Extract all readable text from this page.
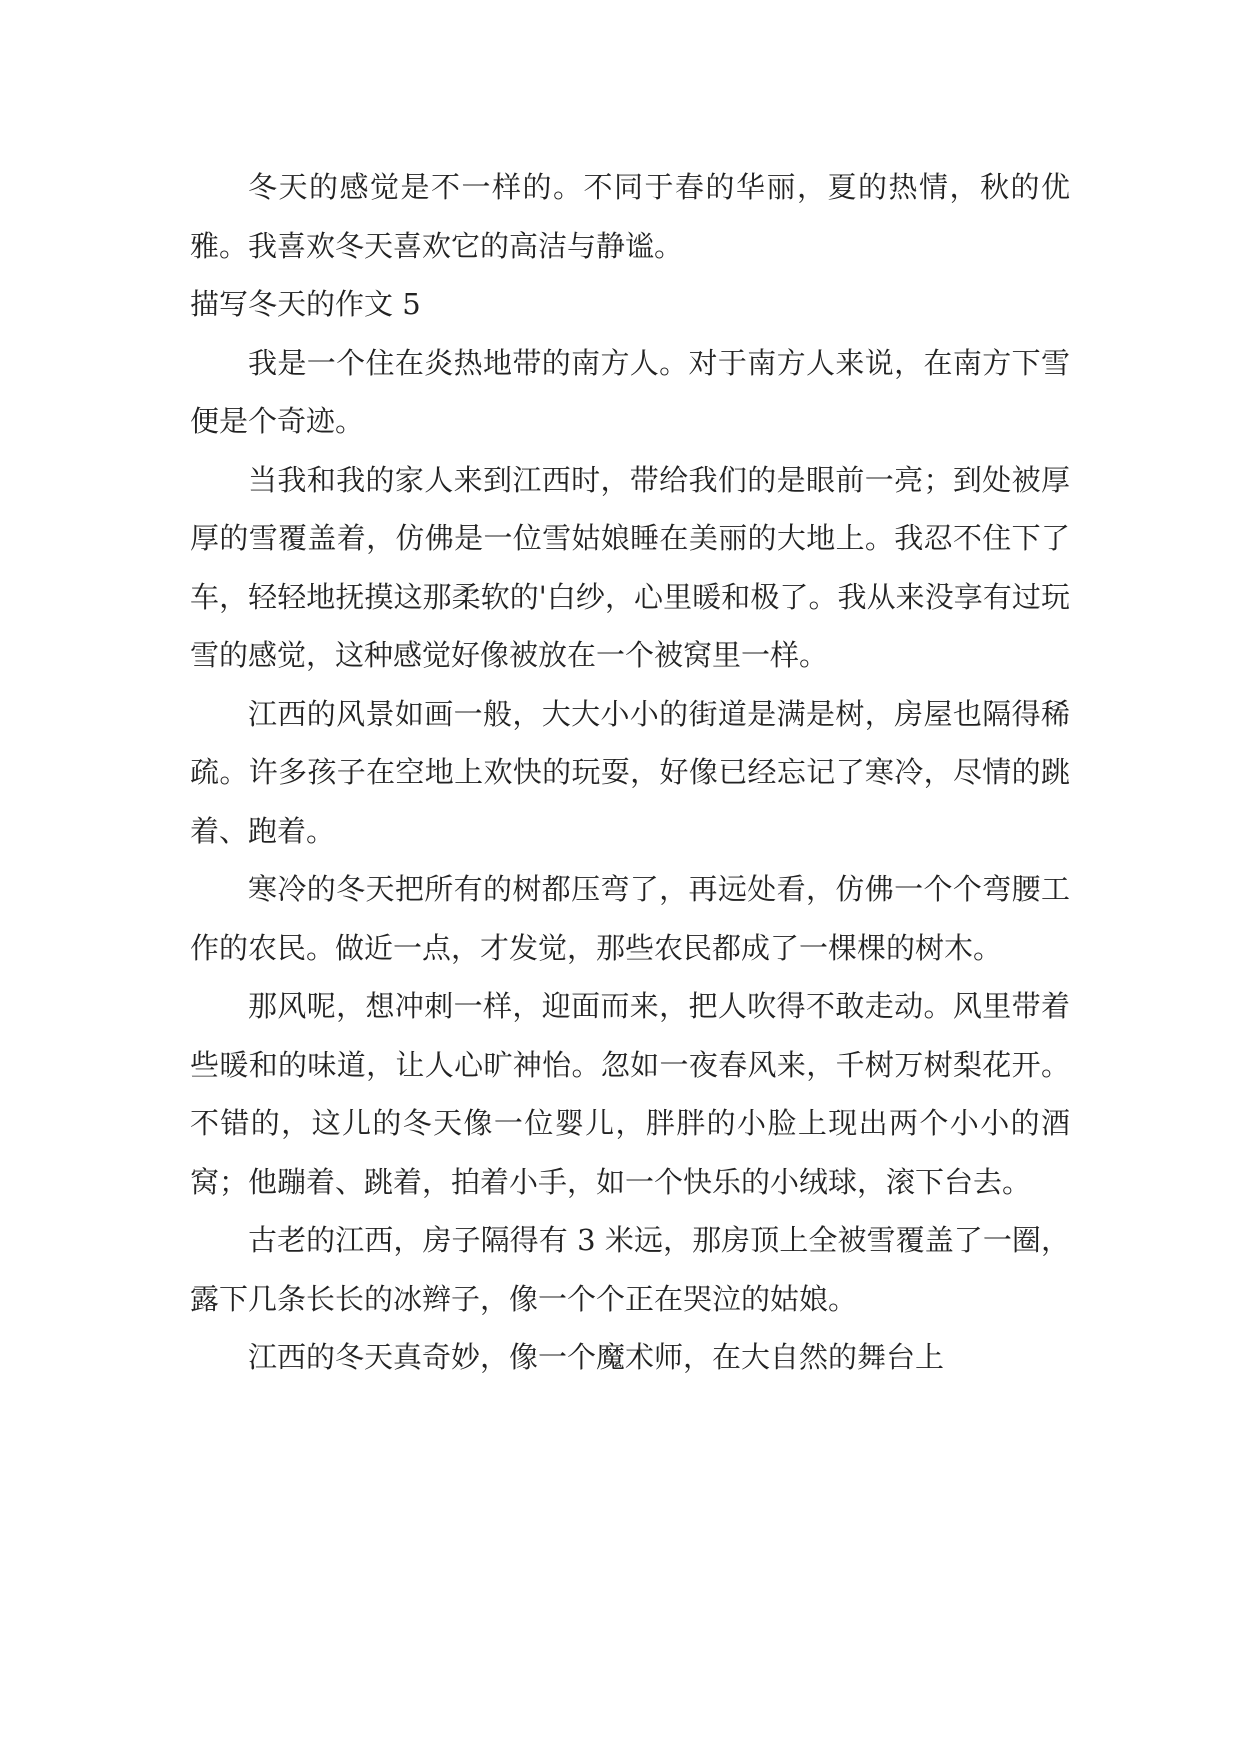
冬天的感觉是不一样的。不同于春的华丽，夏的热情，秋的优雅。我喜欢冬天喜欢它的高洁与静谧。

描写冬天的作文 5

我是一个住在炎热地带的南方人。对于南方人来说，在南方下雪便是个奇迹。

当我和我的家人来到江西时，带给我们的是眼前一亮；到处被厚厚的雪覆盖着，仿佛是一位雪姑娘睡在美丽的大地上。我忍不住下了车，轻轻地抚摸这那柔软的'白纱，心里暖和极了。我从来没享有过玩雪的感觉，这种感觉好像被放在一个被窝里一样。

江西的风景如画一般，大大小小的街道是满是树，房屋也隔得稀疏。许多孩子在空地上欢快的玩耍，好像已经忘记了寒冷，尽情的跳着、跑着。

寒冷的冬天把所有的树都压弯了，再远处看，仿佛一个个弯腰工作的农民。做近一点，才发觉，那些农民都成了一棵棵的树木。

那风呢，想冲刺一样，迎面而来，把人吹得不敢走动。风里带着些暖和的味道，让人心旷神怡。忽如一夜春风来，千树万树梨花开。不错的，这儿的冬天像一位婴儿，胖胖的小脸上现出两个小小的酒窝；他蹦着、跳着，拍着小手，如一个快乐的小绒球，滚下台去。

古老的江西，房子隔得有 3 米远，那房顶上全被雪覆盖了一圈，露下几条长长的冰辫子，像一个个正在哭泣的姑娘。

江西的冬天真奇妙，像一个魔术师，在大自然的舞台上
